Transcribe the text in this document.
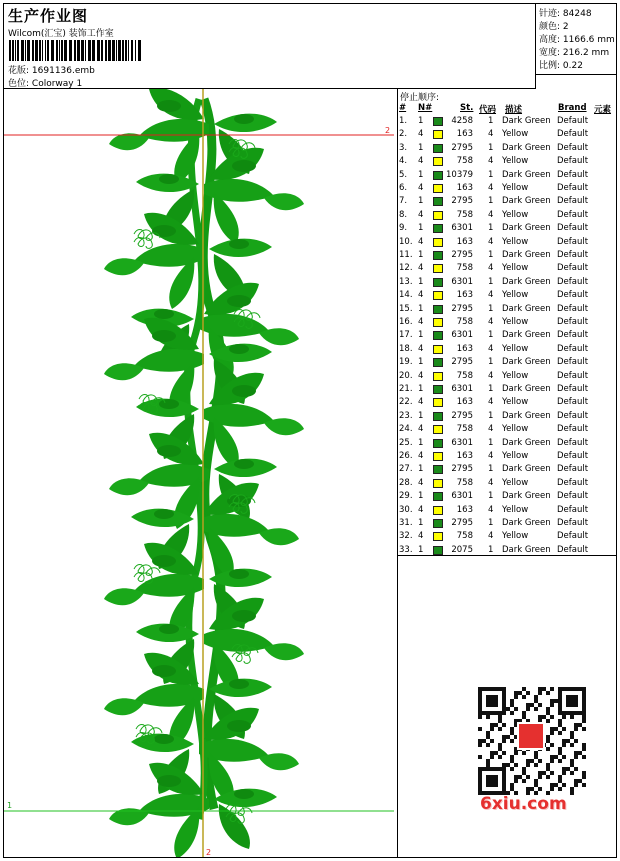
生产作业图
Wilcom(汇宝) 装饰工作室
花版: 1691136.emb
色位: Colorway 1
针迹: 84248
颜色: 2
高度: 1166.6 mm
宽度: 216.2 mm
比例: 0.22
2
1
2
停止顺序:
# N#	St. 代码 描述	Brand 元素
1. 1	4258 1 Dark Green Default
2. 4	163 4 Yellow	Default
3. 1	2795 1 Dark Green Default
4. 4	758 4 Yellow	Default
5. 1	10379 1 Dark Green Default
6. 4	163 4 Yellow	Default
7. 1	2795 1 Dark Green Default
8. 4	758 4 Yellow	Default
9. 1	6301 1 Dark Green Default
10. 4	163 4 Yellow	Default
11. 1	2795 1 Dark Green Default
12. 4	758 4 Yellow	Default
13. 1	6301 1 Dark Green Default
14. 4	163 4 Yellow	Default
15. 1	2795 1 Dark Green Default
16. 4	758 4 Yellow	Default
17. 1	6301 1 Dark Green Default
18. 4	163 4 Yellow	Default
19. 1	2795 1 Dark Green Default
20. 4	758 4 Yellow	Default
21. 1	6301 1 Dark Green Default
22. 4	163 4 Yellow	Default
23. 1	2795 1 Dark Green Default
24. 4	758 4 Yellow	Default
25. 1	6301 1 Dark Green Default
26. 4	163 4 Yellow	Default
27. 1	2795 1 Dark Green Default
28. 4	758 4 Yellow	Default
29. 1	6301 1 Dark Green Default
30. 4	163 4 Yellow	Default
31. 1	2795 1 Dark Green Default
32. 4	758 4 Yellow	Default
33. 1	2075 1 Dark Green Default
6xiu.com
